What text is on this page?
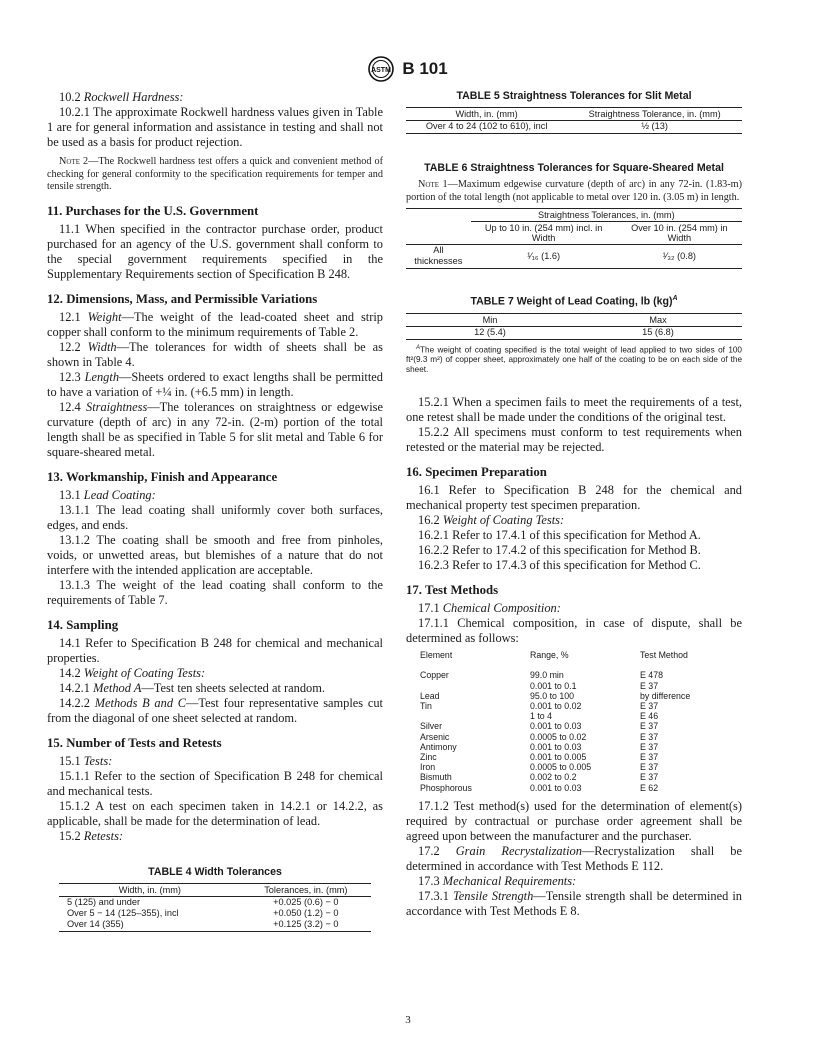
ASTM B 101

10.2 Rockwell Hardness:

10.2.1 The approximate Rockwell hardness values given in Table 1 are for general information and assistance in testing and shall not be used as a basis for product rejection.

Note 2—The Rockwell hardness test offers a quick and convenient method of checking for general conformity to the specification requirements for temper and tensile strength.

11. Purchases for the U.S. Government

11.1 When specified in the contractor purchase order, product purchased for an agency of the U.S. government shall conform to the special government requirements specified in the Supplementary Requirements section of Specification B 248.

12. Dimensions, Mass, and Permissible Variations

12.1 Weight—The weight of the lead-coated sheet and strip copper shall conform to the minimum requirements of Table 2.

12.2 Width—The tolerances for width of sheets shall be as shown in Table 4.

12.3 Length—Sheets ordered to exact lengths shall be permitted to have a variation of +¼ in. (+6.5 mm) in length.

12.4 Straightness—The tolerances on straightness or edgewise curvature (depth of arc) in any 72-in. (2-m) portion of the total length shall be as specified in Table 5 for slit metal and Table 6 for square-sheared metal.

13. Workmanship, Finish and Appearance

13.1 Lead Coating:

13.1.1 The lead coating shall uniformly cover both surfaces, edges, and ends.

13.1.2 The coating shall be smooth and free from pinholes, voids, or unwetted areas, but blemishes of a nature that do not interfere with the intended application are acceptable.

13.1.3 The weight of the lead coating shall conform to the requirements of Table 7.

14. Sampling

14.1 Refer to Specification B 248 for chemical and mechanical properties.

14.2 Weight of Coating Tests:

14.2.1 Method A—Test ten sheets selected at random.

14.2.2 Methods B and C—Test four representative samples cut from the diagonal of one sheet selected at random.

15. Number of Tests and Retests

15.1 Tests:

15.1.1 Refer to the section of Specification B 248 for chemical and mechanical tests.

15.1.2 A test on each specimen taken in 14.2.1 or 14.2.2, as applicable, shall be made for the determination of lead.

15.2 Retests:

TABLE 4 Width Tolerances
Width, in. (mm)	Tolerances, in. (mm)
5 (125) and under	+0.025 (0.6) − 0
Over 5 − 14 (125–355), incl	+0.050 (1.2) − 0
Over 14 (355)	+0.125 (3.2) − 0
TABLE 5 Straightness Tolerances for Slit Metal
Width, in. (mm)	Straightness Tolerance, in. (mm)
Over 4 to 24 (102 to 610), incl	½ (13)
TABLE 6 Straightness Tolerances for Square-Sheared Metal

Note 1—Maximum edgewise curvature (depth of arc) in any 72-in. (1.83-m) portion of the total length (not applicable to metal over 120 in. (3.05 m) in length.

	Straightness Tolerances, in. (mm)	
	Up to 10 in. (254 mm) incl. in Width	Over 10 in. (254 mm) in Width
All thicknesses	¹⁄₁₆ (1.6)	¹⁄₃₂ (0.8)
TABLE 7 Weight of Lead Coating, lb (kg)$^A$
Min	Max
12 (5.4)	15 (6.8)
$^A$The weight of coating specified is the total weight of lead applied to two sides of 100 ft²(9.3 m²) of copper sheet, approximately one half of the coating to be on each side of the sheet.

15.2.1 When a specimen fails to meet the requirements of a test, one retest shall be made under the conditions of the original test.

15.2.2 All specimens must conform to test requirements when retested or the material may be rejected.

16. Specimen Preparation

16.1 Refer to Specification B 248 for the chemical and mechanical property test specimen preparation.

16.2 Weight of Coating Tests:

16.2.1 Refer to 17.4.1 of this specification for Method A.

16.2.2 Refer to 17.4.2 of this specification for Method B.

16.2.3 Refer to 17.4.3 of this specification for Method C.

17. Test Methods

17.1 Chemical Composition:

17.1.1 Chemical composition, in case of dispute, shall be determined as follows:

Element	Range, %	Test Method
Copper	99.0 min	E 478
	0.001 to 0.1	E 37
Lead	95.0 to 100	by difference
Tin	0.001 to 0.02	E 37
	1 to 4	E 46
Silver	0.001 to 0.03	E 37
Arsenic	0.0005 to 0.02	E 37
Antimony	0.001 to 0.03	E 37
Zinc	0.001 to 0.005	E 37
Iron	0.0005 to 0.005	E 37
Bismuth	0.002 to 0.2	E 37
Phosphorous	0.001 to 0.03	E 62

17.1.2 Test method(s) used for the determination of element(s) required by contractual or purchase order agreement shall be agreed upon between the manufacturer and the purchaser.

17.2 Grain Recrystalization—Recrystalization shall be determined in accordance with Test Methods E 112.

17.3 Mechanical Requirements:

17.3.1 Tensile Strength—Tensile strength shall be determined in accordance with Test Methods E 8.

3
